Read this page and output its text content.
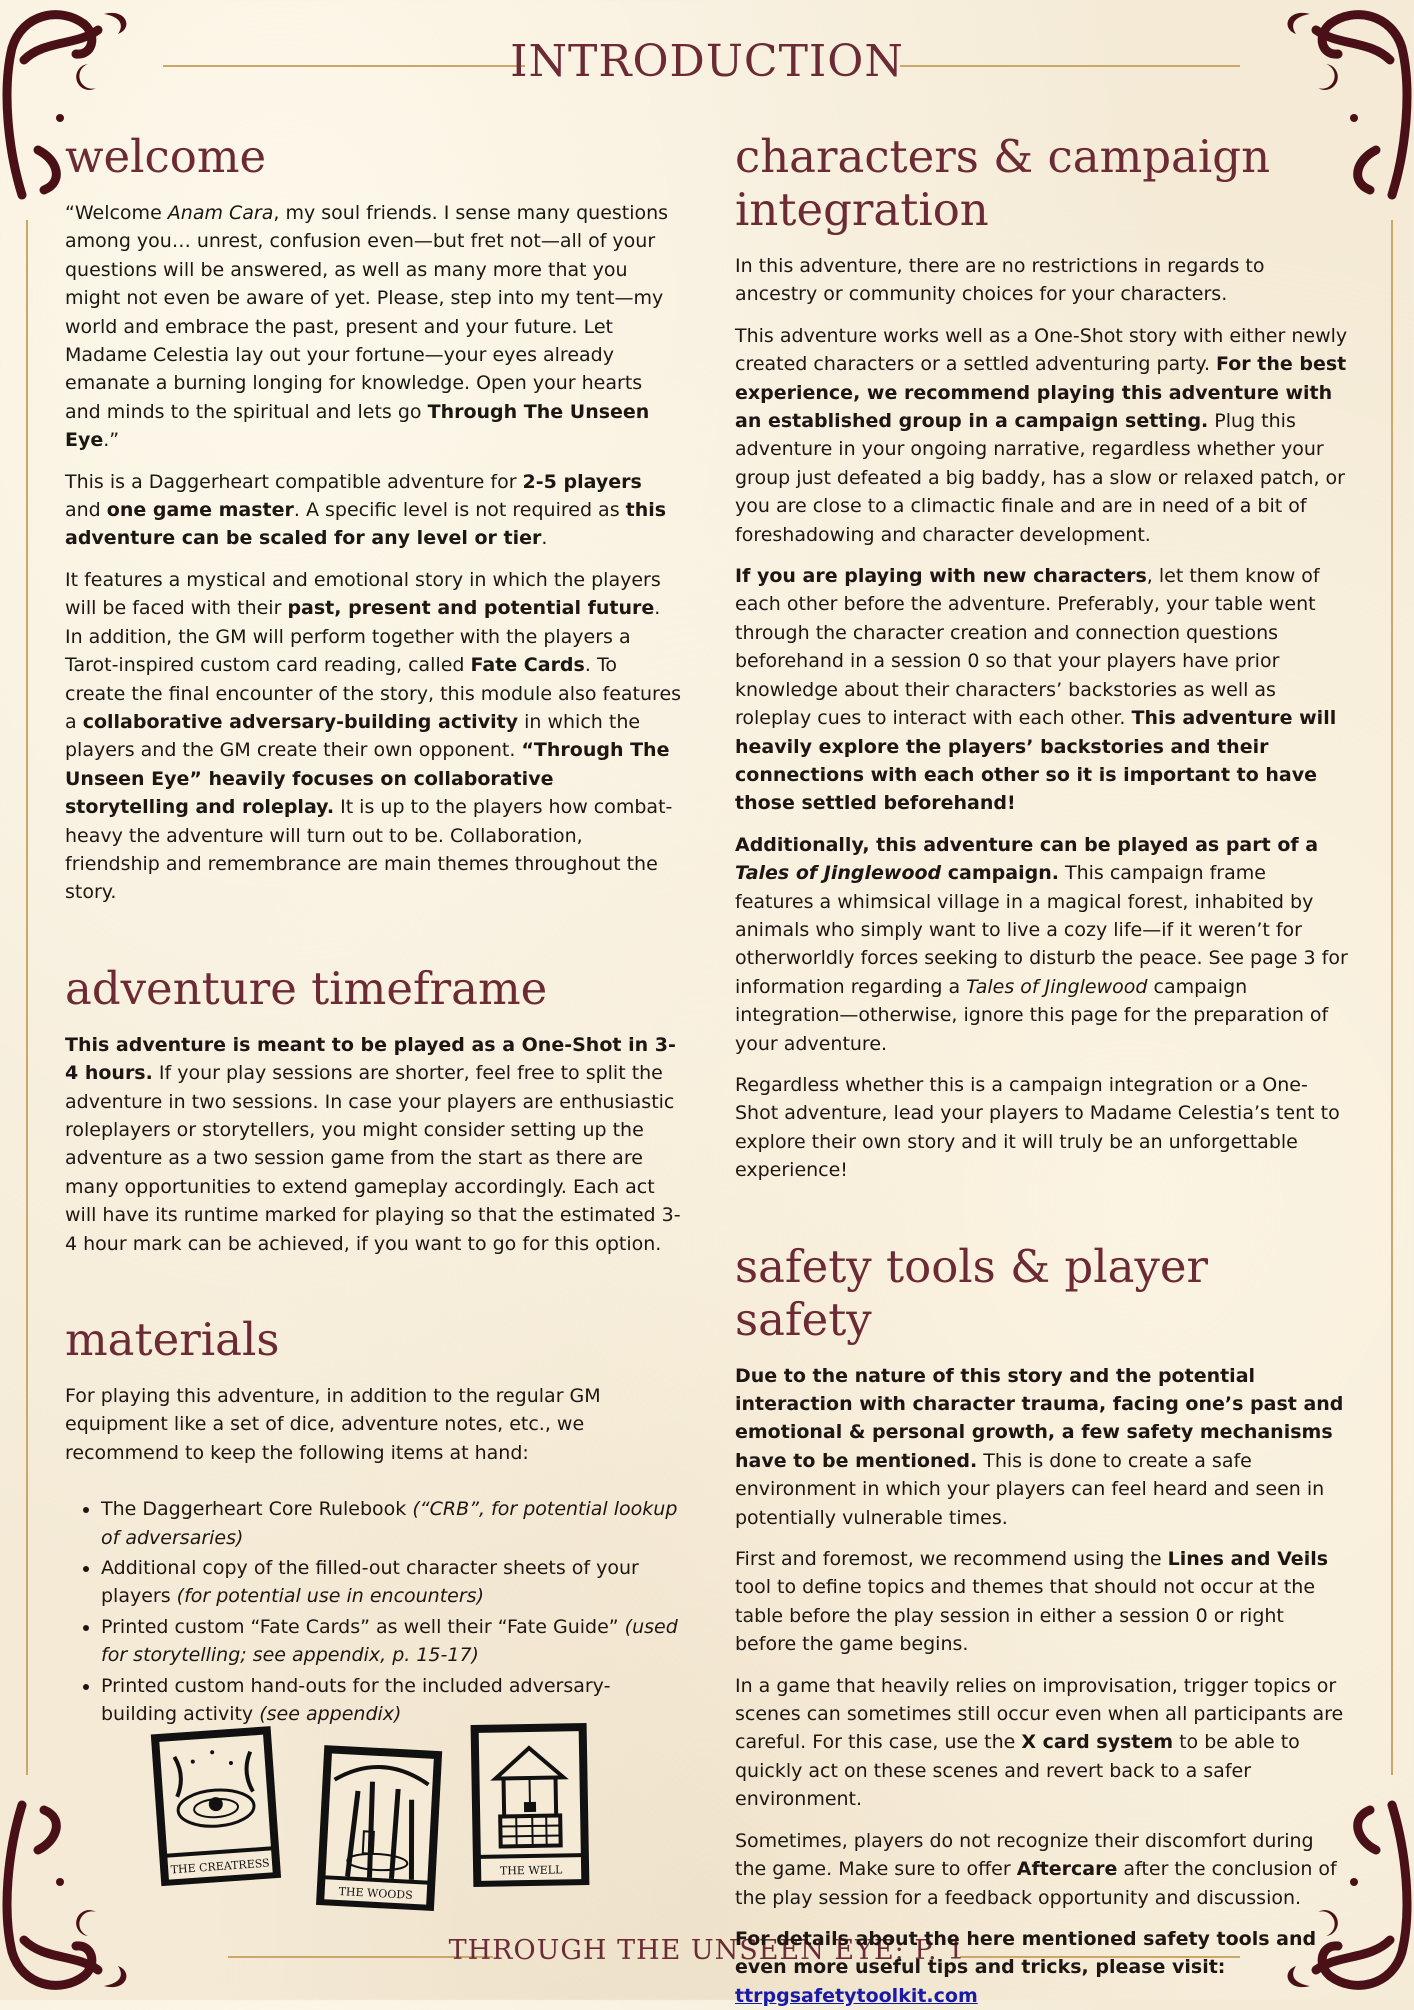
INTRODUCTION
THROUGH THE UNSEEN EYE: P. 1
welcome

“Welcome Anam Cara, my soul friends. I sense many questions among you… unrest, confusion even—but fret not—all of your questions will be answered, as well as many more that you might not even be aware of yet. Please, step into my tent—my world and embrace the past, present and your future. Let Madame Celestia lay out your fortune—your eyes already emanate a burning longing for knowledge. Open your hearts and minds to the spiritual and lets go Through The Unseen Eye.”

This is a Daggerheart compatible adventure for 2-5 players and one game master. A specific level is not required as this adventure can be scaled for any level or tier.

It features a mystical and emotional story in which the players will be faced with their past, present and potential future. In addition, the GM will perform together with the players a Tarot-inspired custom card reading, called Fate Cards. To create the final encounter of the story, this module also features a collaborative adversary-building activity in which the players and the GM create their own opponent. “Through The Unseen Eye” heavily focuses on collaborative storytelling and roleplay. It is up to the players how combat-heavy the adventure will turn out to be. Collaboration, friendship and remembrance are main themes throughout the story.

adventure timeframe

This adventure is meant to be played as a One-Shot in 3-4 hours. If your play sessions are shorter, feel free to split the adventure in two sessions. In case your players are enthusiastic roleplayers or storytellers, you might consider setting up the adventure as a two session game from the start as there are many opportunities to extend gameplay accordingly. Each act will have its runtime marked for playing so that the estimated 3-4 hour mark can be achieved, if you want to go for this option.

materials

For playing this adventure, in addition to the regular GM equipment like a set of dice, adventure notes, etc., we recommend to keep the following items at hand:

• The Daggerheart Core Rulebook (“CRB”, for potential lookup of adversaries)
• Additional copy of the filled-out character sheets of your players (for potential use in encounters)
• Printed custom “Fate Cards” as well their “Fate Guide” (used for storytelling; see appendix, p. 15-17)
• Printed custom hand-outs for the included adversary-building activity (see appendix)
THE CREATRESS
THE WOODS
THE WELL
characters & campaign integration

In this adventure, there are no restrictions in regards to ancestry or community choices for your characters.

This adventure works well as a One-Shot story with either newly created characters or a settled adventuring party. For the best experience, we recommend playing this adventure with an established group in a campaign setting. Plug this adventure in your ongoing narrative, regardless whether your group just defeated a big baddy, has a slow or relaxed patch, or you are close to a climactic finale and are in need of a bit of foreshadowing and character development.

If you are playing with new characters, let them know of each other before the adventure. Preferably, your table went through the character creation and connection questions beforehand in a session 0 so that your players have prior knowledge about their characters’ backstories as well as roleplay cues to interact with each other. This adventure will heavily explore the players’ backstories and their connections with each other so it is important to have those settled beforehand!

Additionally, this adventure can be played as part of a Tales of Jinglewood campaign. This campaign frame features a whimsical village in a magical forest, inhabited by animals who simply want to live a cozy life—if it weren’t for otherworldly forces seeking to disturb the peace. See page 3 for information regarding a Tales of Jinglewood campaign integration—otherwise, ignore this page for the preparation of your adventure.

Regardless whether this is a campaign integration or a One-Shot adventure, lead your players to Madame Celestia’s tent to explore their own story and it will truly be an unforgettable experience!

safety tools & player safety

Due to the nature of this story and the potential interaction with character trauma, facing one’s past and emotional & personal growth, a few safety mechanisms have to be mentioned. This is done to create a safe environment in which your players can feel heard and seen in potentially vulnerable times.

First and foremost, we recommend using the Lines and Veils tool to define topics and themes that should not occur at the table before the play session in either a session 0 or right before the game begins.

In a game that heavily relies on improvisation, trigger topics or scenes can sometimes still occur even when all participants are careful. For this case, use the X card system to be able to quickly act on these scenes and revert back to a safer environment.

Sometimes, players do not recognize their discomfort during the game. Make sure to offer Aftercare after the conclusion of the play session for a feedback opportunity and discussion.

For details about the here mentioned safety tools and even more useful tips and tricks, please visit:
ttrpgsafetytoolkit.com
